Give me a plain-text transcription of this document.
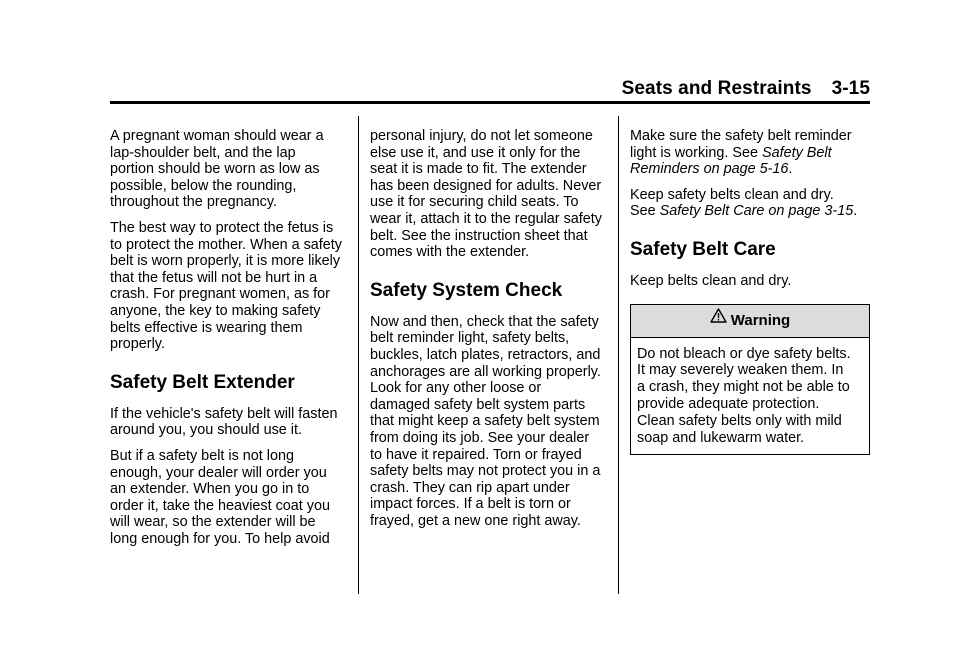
Seats and Restraints 3-15

A pregnant woman should wear a
lap-shoulder belt, and the lap
portion should be worn as low as
possible, below the rounding,
throughout the pregnancy.

The best way to protect the fetus is
to protect the mother. When a safety
belt is worn properly, it is more likely
that the fetus will not be hurt in a
crash. For pregnant women, as for
anyone, the key to making safety
belts effective is wearing them
properly.

Safety Belt Extender

If the vehicle's safety belt will fasten
around you, you should use it.

But if a safety belt is not long
enough, your dealer will order you
an extender. When you go in to
order it, take the heaviest coat you
will wear, so the extender will be
long enough for you. To help avoid

personal injury, do not let someone
else use it, and use it only for the
seat it is made to fit. The extender
has been designed for adults. Never
use it for securing child seats. To
wear it, attach it to the regular safety
belt. See the instruction sheet that
comes with the extender.

Safety System Check

Now and then, check that the safety
belt reminder light, safety belts,
buckles, latch plates, retractors, and
anchorages are all working properly.
Look for any other loose or
damaged safety belt system parts
that might keep a safety belt system
from doing its job. See your dealer
to have it repaired. Torn or frayed
safety belts may not protect you in a
crash. They can rip apart under
impact forces. If a belt is torn or
frayed, get a new one right away.

Make sure the safety belt reminder
light is working. See Safety Belt
Reminders on page 5-16.

Keep safety belts clean and dry.
See Safety Belt Care on page 3-15.

Safety Belt Care

Keep belts clean and dry.

Warning

Do not bleach or dye safety belts.
It may severely weaken them. In
a crash, they might not be able to
provide adequate protection.
Clean safety belts only with mild
soap and lukewarm water.
